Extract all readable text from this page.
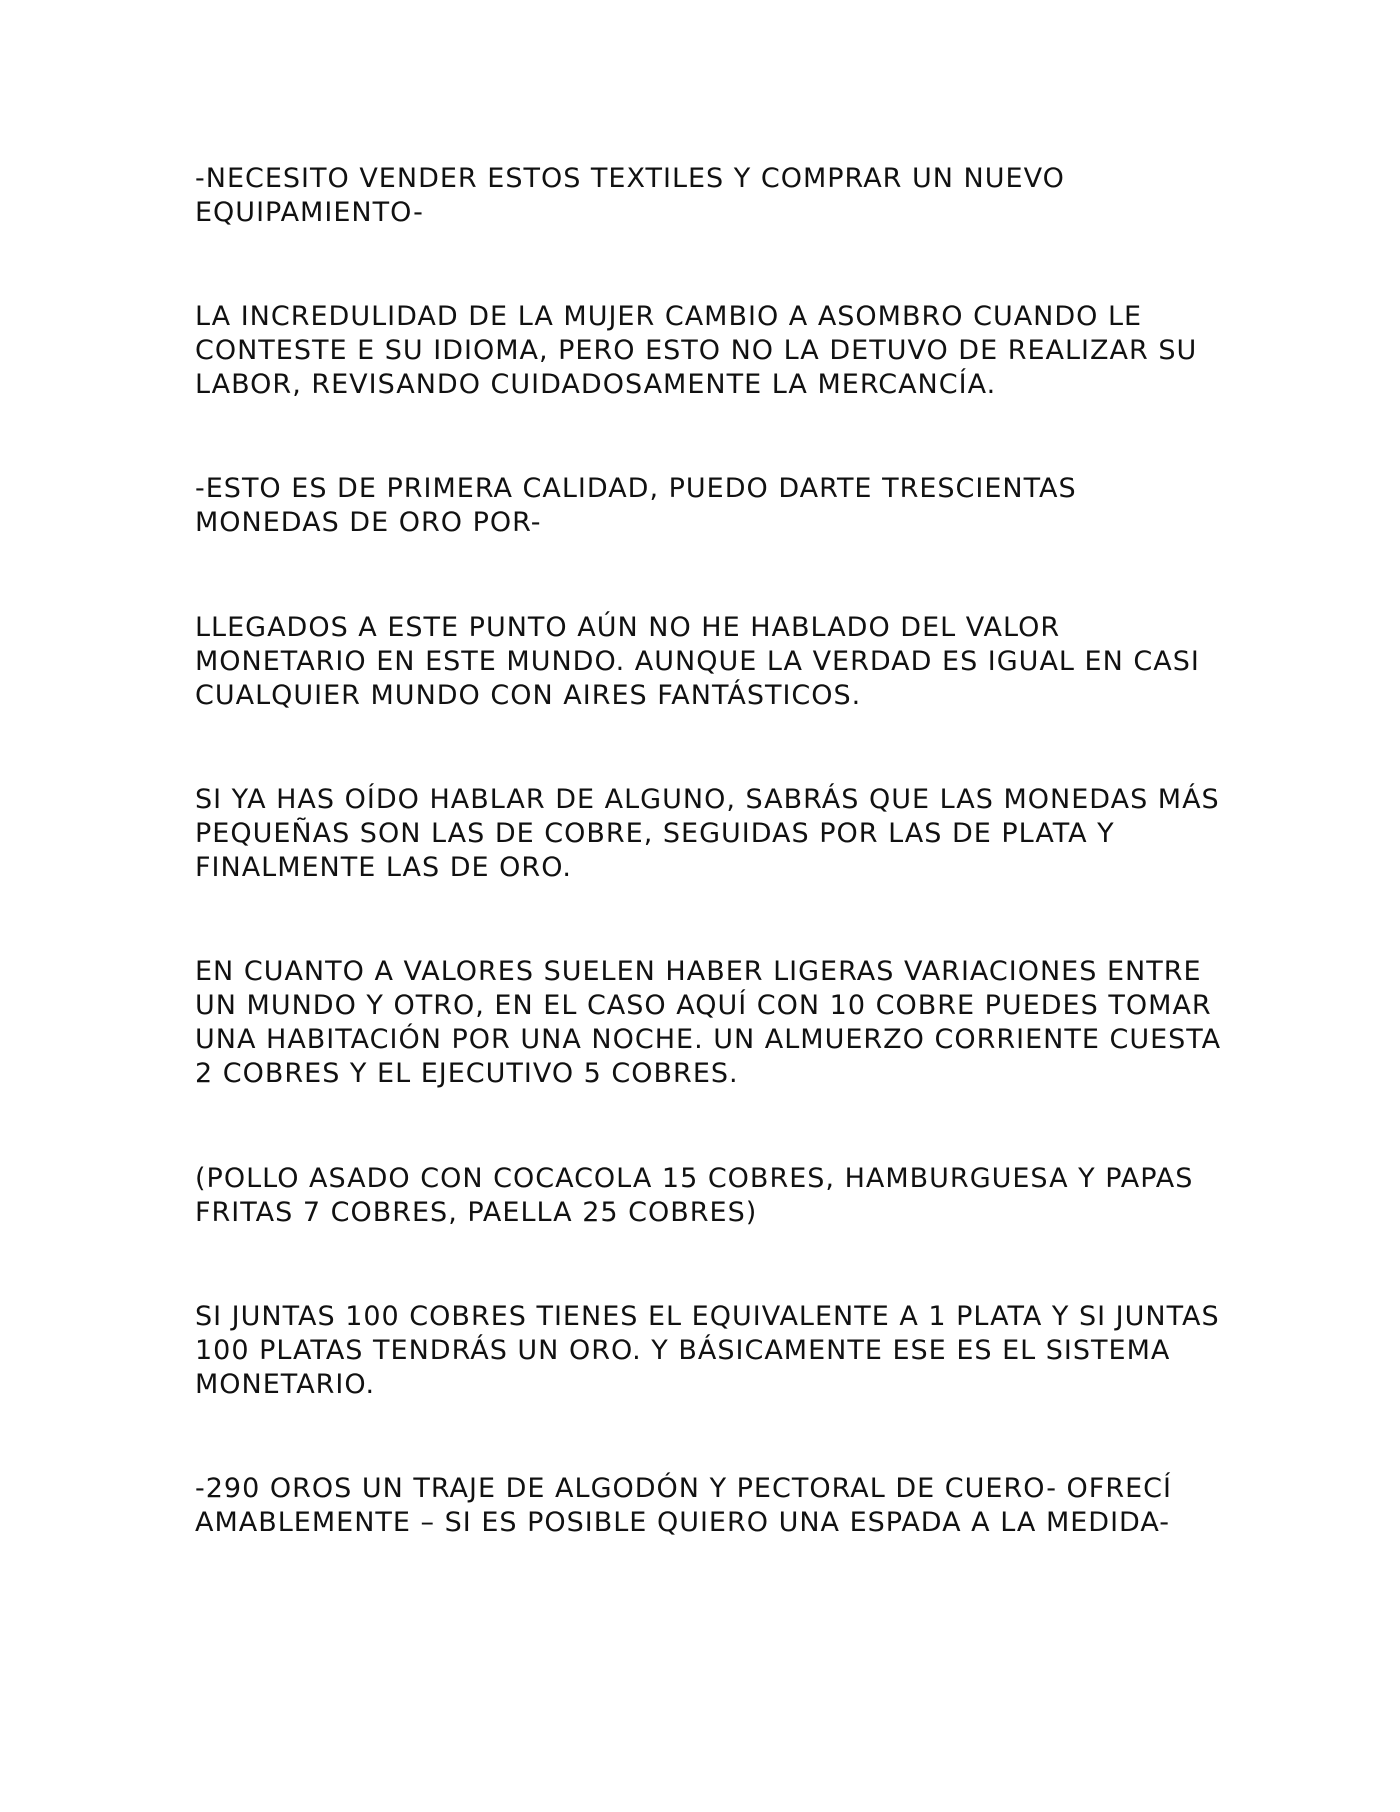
-NECESITO VENDER ESTOS TEXTILES Y COMPRAR UN NUEVO EQUIPAMIENTO-

LA INCREDULIDAD DE LA MUJER CAMBIO A ASOMBRO CUANDO LE CONTESTE E SU IDIOMA, PERO ESTO NO LA DETUVO DE REALIZAR SU LABOR, REVISANDO CUIDADOSAMENTE LA MERCANCÍA.

-ESTO ES DE PRIMERA CALIDAD, PUEDO DARTE TRESCIENTAS MONEDAS DE ORO POR-

LLEGADOS A ESTE PUNTO AÚN NO HE HABLADO DEL VALOR MONETARIO EN ESTE MUNDO. AUNQUE LA VERDAD ES IGUAL EN CASI CUALQUIER MUNDO CON AIRES FANTÁSTICOS.

SI YA HAS OÍDO HABLAR DE ALGUNO, SABRÁS QUE LAS MONEDAS MÁS PEQUEÑAS SON LAS DE COBRE, SEGUIDAS POR LAS DE PLATA Y FINALMENTE LAS DE ORO.

EN CUANTO A VALORES SUELEN HABER LIGERAS VARIACIONES ENTRE UN MUNDO Y OTRO, EN EL CASO AQUÍ CON 10 COBRE PUEDES TOMAR UNA HABITACIÓN POR UNA NOCHE. UN ALMUERZO CORRIENTE CUESTA 2 COBRES Y EL EJECUTIVO 5 COBRES.

(POLLO ASADO CON COCACOLA 15 COBRES, HAMBURGUESA Y PAPAS FRITAS 7 COBRES, PAELLA 25 COBRES)

SI JUNTAS 100 COBRES TIENES EL EQUIVALENTE A 1 PLATA Y SI JUNTAS 100 PLATAS TENDRÁS UN ORO. Y BÁSICAMENTE ESE ES EL SISTEMA MONETARIO.

-290 OROS UN TRAJE DE ALGODÓN Y PECTORAL DE CUERO- OFRECÍ AMABLEMENTE – SI ES POSIBLE QUIERO UNA ESPADA A LA MEDIDA-
